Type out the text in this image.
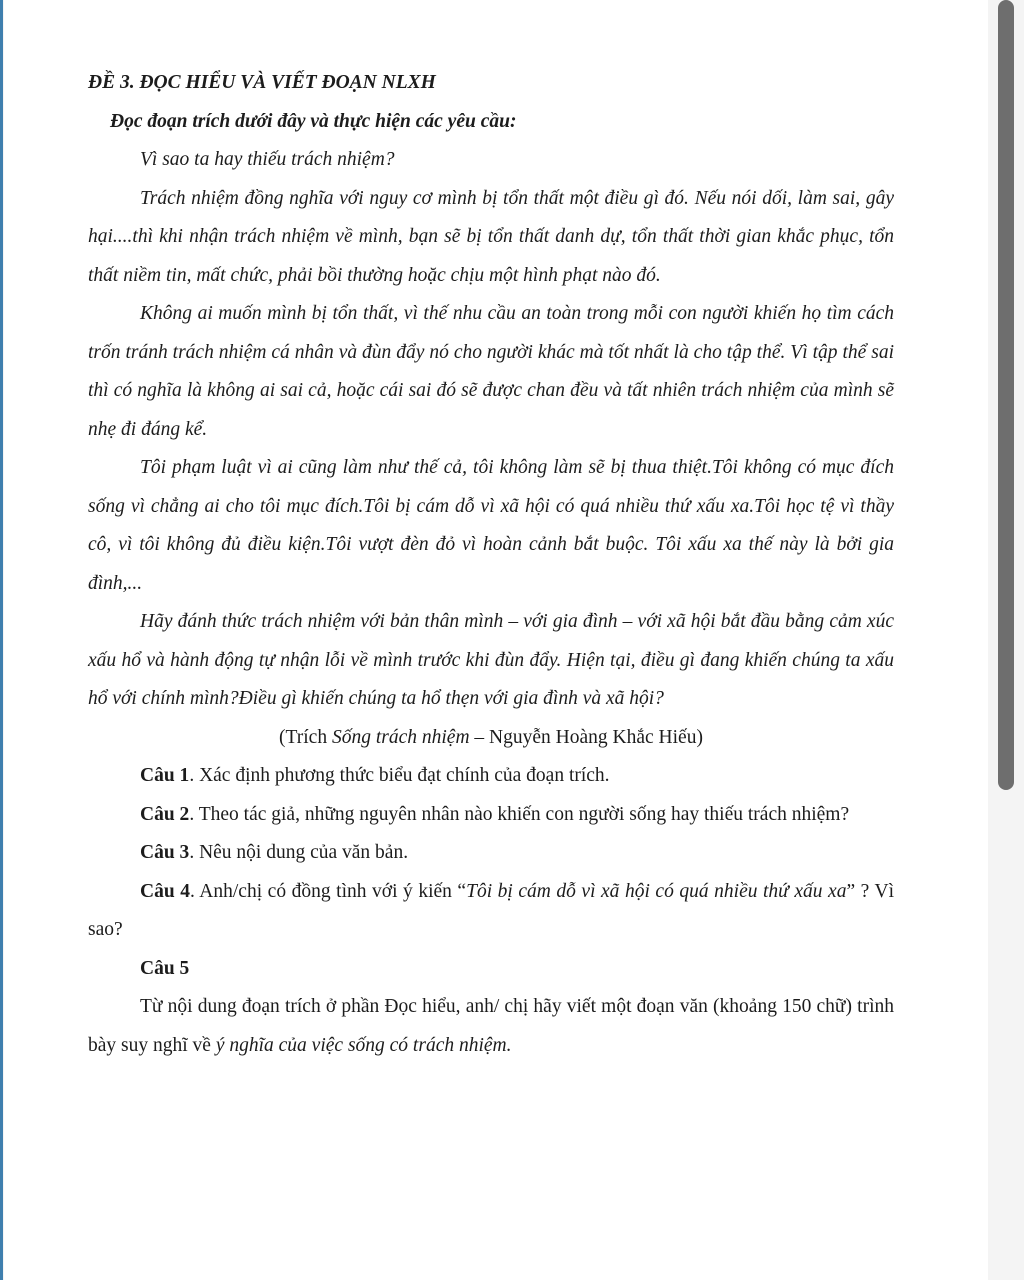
ĐỀ 3. ĐỌC HIỂU VÀ VIẾT ĐOẠN NLXH

Đọc đoạn trích dưới đây và thực hiện các yêu cầu:

Vì sao ta hay thiếu trách nhiệm?

Trách nhiệm đồng nghĩa với nguy cơ mình bị tổn thất một điều gì đó. Nếu nói dối, làm sai, gây hại....thì khi nhận trách nhiệm về mình, bạn sẽ bị tổn thất danh dự, tổn thất thời gian khắc phục, tổn thất niềm tin, mất chức, phải bồi thường hoặc chịu một hình phạt nào đó.

Không ai muốn mình bị tổn thất, vì thế nhu cầu an toàn trong mỗi con người khiến họ tìm cách trốn tránh trách nhiệm cá nhân và đùn đẩy nó cho người khác mà tốt nhất là cho tập thể. Vì tập thể sai thì có nghĩa là không ai sai cả, hoặc cái sai đó sẽ được chan đều và tất nhiên trách nhiệm của mình sẽ nhẹ đi đáng kể.

Tôi phạm luật vì ai cũng làm như thế cả, tôi không làm sẽ bị thua thiệt.Tôi không có mục đích sống vì chẳng ai cho tôi mục đích.Tôi bị cám dỗ vì xã hội có quá nhiều thứ xấu xa.Tôi học tệ vì thầy cô, vì tôi không đủ điều kiện.Tôi vượt đèn đỏ vì hoàn cảnh bắt buộc. Tôi xấu xa thế này là bởi gia đình,...

Hãy đánh thức trách nhiệm với bản thân mình – với gia đình – với xã hội bắt đầu bằng cảm xúc xấu hổ và hành động tự nhận lỗi về mình trước khi đùn đẩy. Hiện tại, điều gì đang khiến chúng ta xấu hổ với chính mình?Điều gì khiến chúng ta hổ thẹn với gia đình và xã hội?

(Trích Sống trách nhiệm – Nguyễn Hoàng Khắc Hiếu)

Câu 1. Xác định phương thức biểu đạt chính của đoạn trích.

Câu 2. Theo tác giả, những nguyên nhân nào khiến con người sống hay thiếu trách nhiệm?

Câu 3. Nêu nội dung của văn bản.

Câu 4. Anh/chị có đồng tình với ý kiến “Tôi bị cám dỗ vì xã hội có quá nhiều thứ xấu xa” ? Vì sao?

Câu 5

Từ nội dung đoạn trích ở phần Đọc hiểu, anh/ chị hãy viết một đoạn văn (khoảng 150 chữ) trình bày suy nghĩ về ý nghĩa của việc sống có trách nhiệm.
